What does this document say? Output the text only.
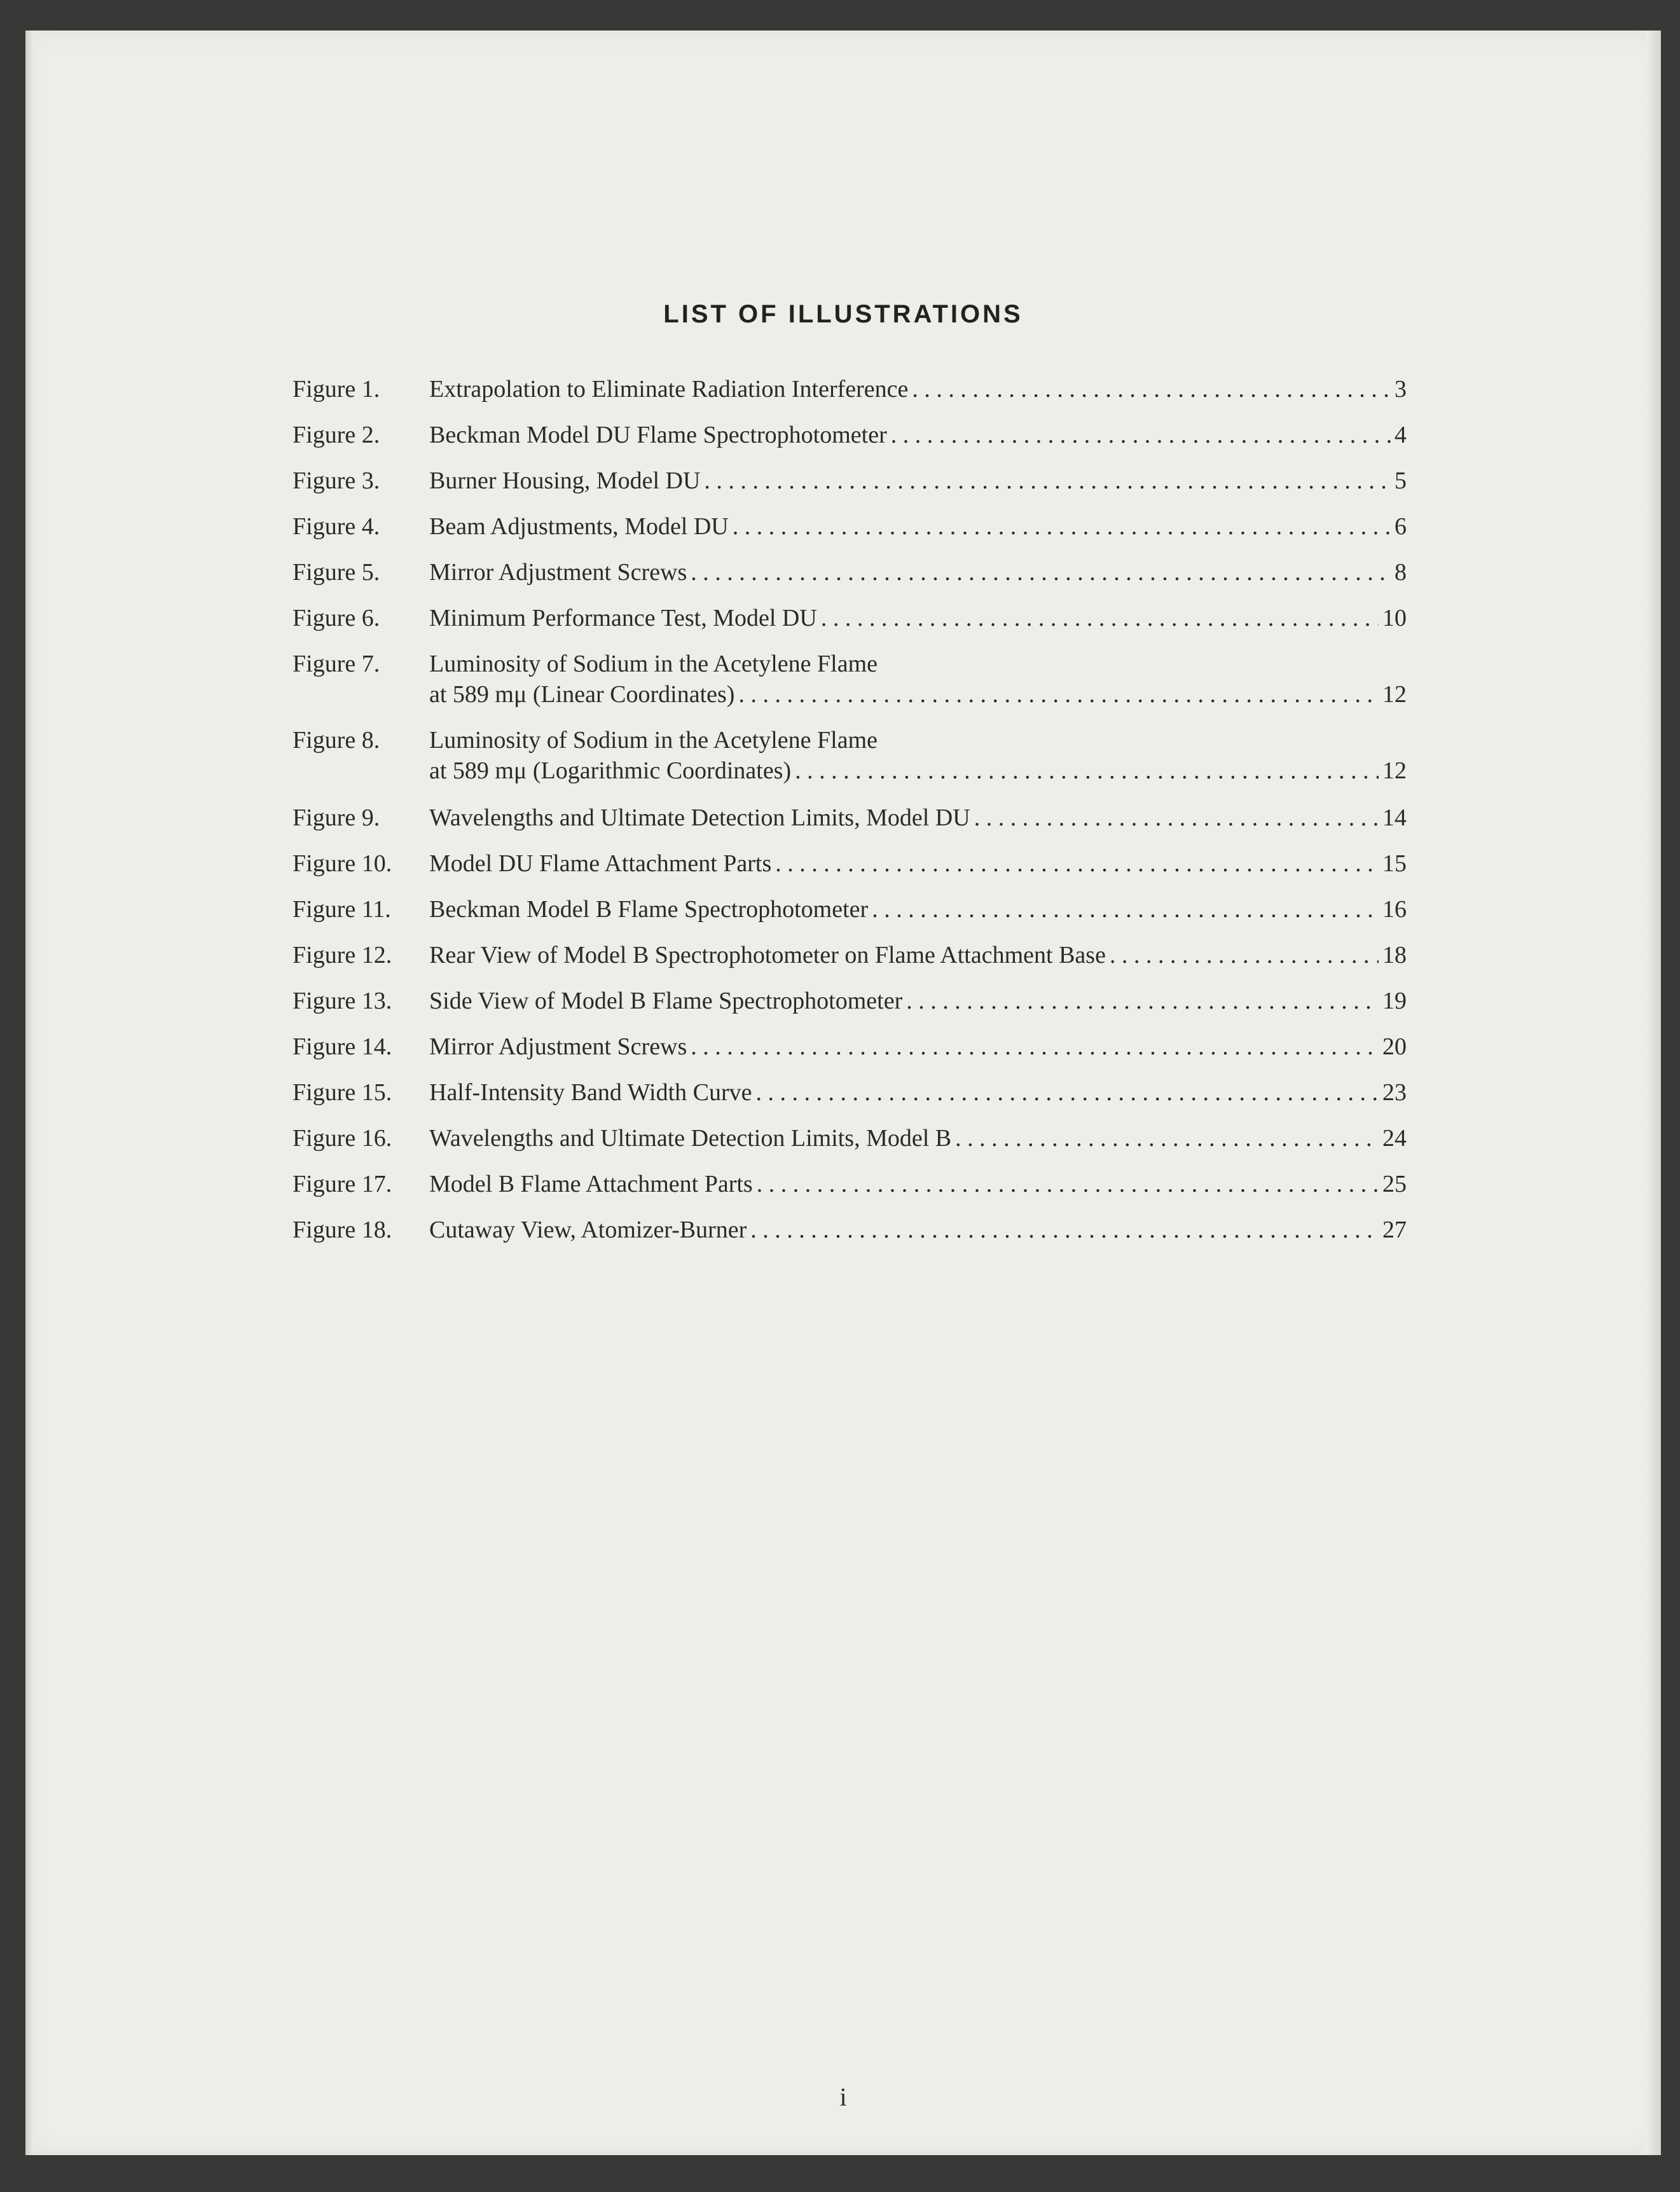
LIST OF ILLUSTRATIONS
Figure 1. Extrapolation to Eliminate Radiation Interference . . .	3
Figure 2. Beckman Model DU Flame Spectrophotometer . . .	4
Figure 3. Burner Housing, Model DU . . .	5
Figure 4. Beam Adjustments, Model DU . . .	6
Figure 5. Mirror Adjustment Screws . . .	8
Figure 6. Minimum Performance Test, Model DU . . .	10
Figure 7. Luminosity of Sodium in the Acetylene Flame
at 589 mμ (Linear Coordinates) . . .	12
Figure 8. Luminosity of Sodium in the Acetylene Flame
at 589 mμ (Logarithmic Coordinates) . . .	12
Figure 9. Wavelengths and Ultimate Detection Limits, Model DU . . .	14
Figure 10. Model DU Flame Attachment Parts . . .	15
Figure 11. Beckman Model B Flame Spectrophotometer . . .	16
Figure 12. Rear View of Model B Spectrophotometer on Flame Attachment Base . . .	18
Figure 13. Side View of Model B Flame Spectrophotometer . . .	19
Figure 14. Mirror Adjustment Screws . . .	20
Figure 15. Half-Intensity Band Width Curve . . .	23
Figure 16. Wavelengths and Ultimate Detection Limits, Model B . . .	24
Figure 17. Model B Flame Attachment Parts . . .	25
Figure 18. Cutaway View, Atomizer-Burner . . .	27
i
